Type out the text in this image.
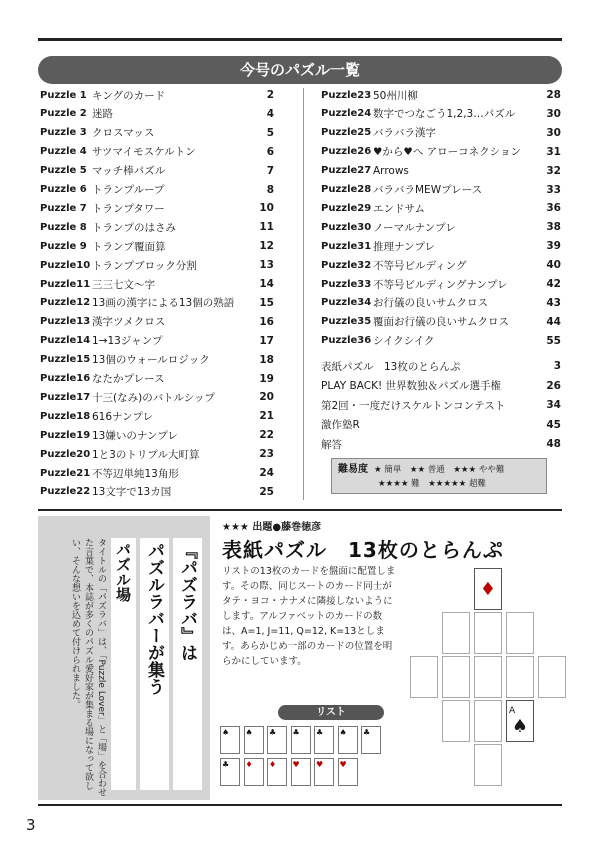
今号のパズル一覧
Puzzle 1 キングのカード	2
Puzzle 2 迷路	4
Puzzle 3 クロスマッス	5
Puzzle 4 サツマイモスケルトン	6
Puzzle 5 マッチ棒パズル	7
Puzzle 6 トランプループ	8
Puzzle 7 トランプタワー	10
Puzzle 8 トランプのはさみ	11
Puzzle 9 トランプ覆面算	12
Puzzle10 トランプブロック分割	13
Puzzle11 三三七文〜字	14
Puzzle12 13画の漢字による13個の熟語	15
Puzzle13 漢字ツメクロス	16
Puzzle14 1→13ジャンプ	17
Puzzle15 13個のウォールロジック	18
Puzzle16 なたかプレース	19
Puzzle17 十三(なみ)のバトルシップ	20
Puzzle18 616ナンプレ	21
Puzzle19 13嫌いのナンプレ	22
Puzzle20 1と3のトリプル大町算	23
Puzzle21 不等辺単純13角形	24
Puzzle22 13文字で13カ国	25
Puzzle23 50州川柳	28
Puzzle24 数字でつなごう1,2,3…パズル	30
Puzzle25 バラバラ漢字	30
Puzzle26 ♥から♥へ アローコネクション	31
Puzzle27 Arrows	32
Puzzle28 バラバラMEWプレース	33
Puzzle29 エンドサム	36
Puzzle30 ノーマルナンプレ	38
Puzzle31 推理ナンプレ	39
Puzzle32 不等号ビルディング	40
Puzzle33 不等号ビルディングナンプレ	42
Puzzle34 お行儀の良いサムクロス	43
Puzzle35 覆面お行儀の良いサムクロス	44
Puzzle36 シイクシイク	55
表紙パズル　13枚のとらんぷ	3
PLAY BACK! 世界数独＆パズル選手権	26
第2回・一度だけスケルトンコンテスト	34
激作塾R	45
解答	48
難易度 ★ 簡単　★★ 普通　★★★ やや難
★★★★ 難　★★★★★ 超難
『パズラバ』は
パズルラバーが集う
パズル場
タイトルの「パズラバ」は、「Puzzle Lover」と「場」を合わせた言葉で、本誌が多くのパズル愛好家が集まる場になって欲しい、そんな想いを込めて付けられました。
★★★ 出題●藤巻徳彦
表紙パズル　13枚のとらんぷ
リストの13枚のカードを盤面に配置します。その際、同じスートのカード同士がタテ・ヨコ・ナナメに隣接しないようにします。アルファベットのカードの数は、A=1, J=11, Q=12, K=13とします。あらかじめ一部のカードの位置を明らかにしています。
リスト
♠	♠	♣	♣	♣	♠	♣
♣	♦	♦	♥	♥	♥
♦
A
♠
3
